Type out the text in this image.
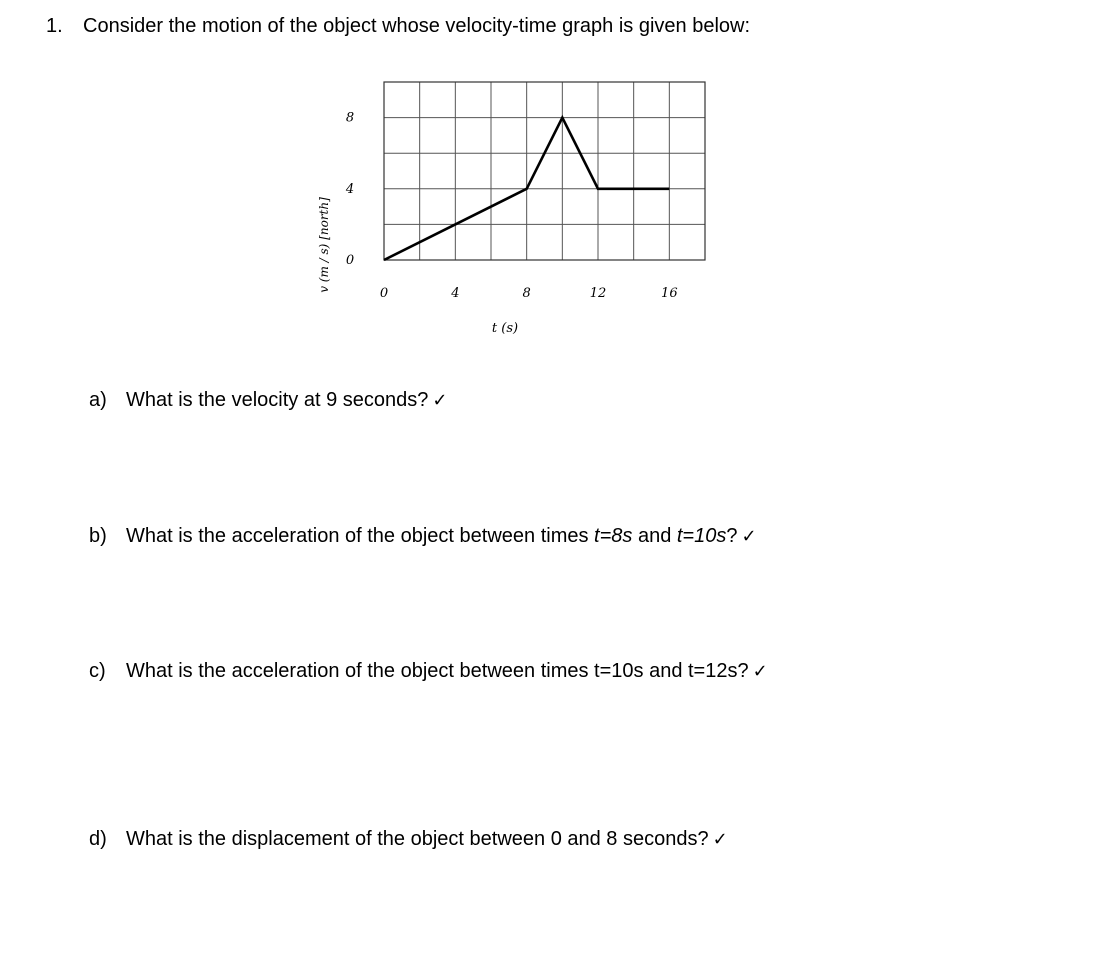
1. Consider the motion of the object whose velocity-time graph is given below:
0	4	8	12	16
0
4
8
t (s)
v (m / s) [north]
a) What is the velocity at 9 seconds? ✓
b) What is the acceleration of the object between times t=8s and t=10s? ✓
c) What is the acceleration of the object between times t=10s and t=12s? ✓
d) What is the displacement of the object between 0 and 8 seconds? ✓
